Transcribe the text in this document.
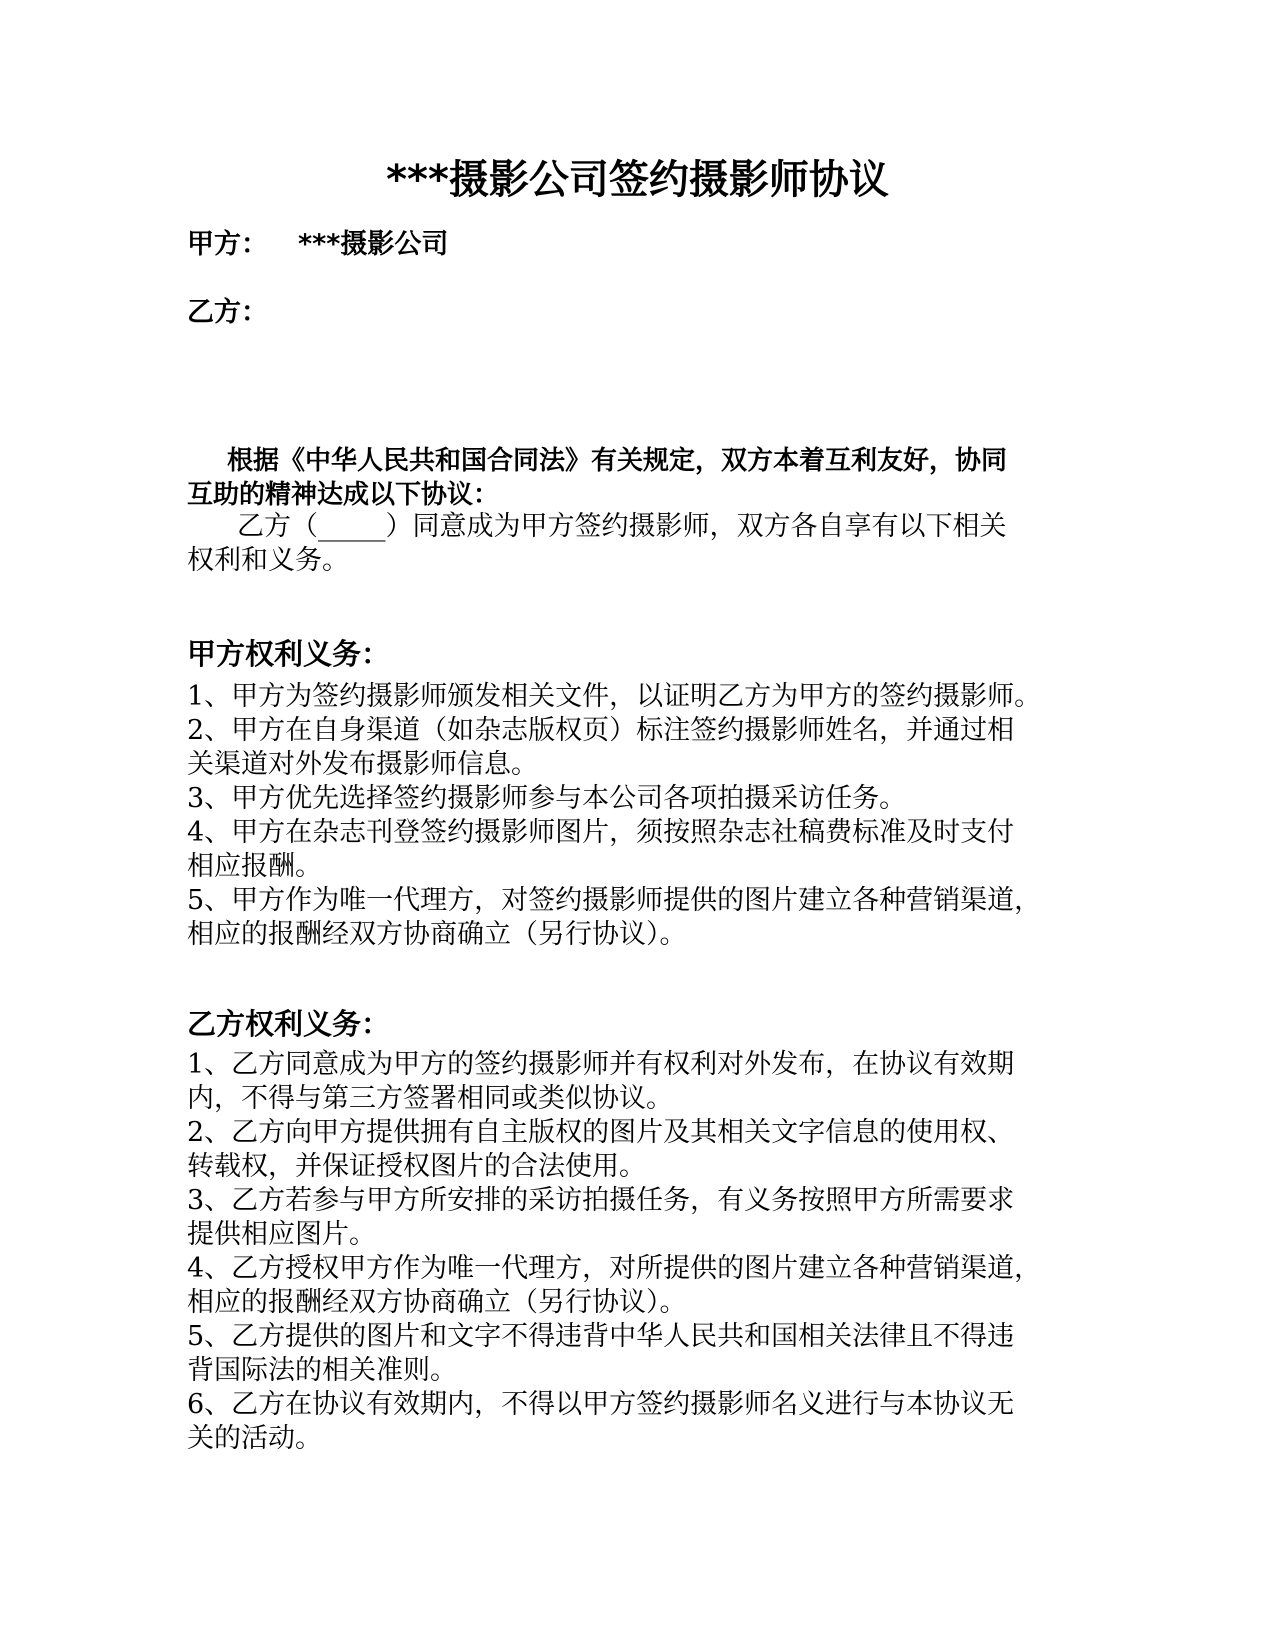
***摄影公司签约摄影师协议
甲方： ***摄影公司
乙方：
根据《中华人民共和国合同法》有关规定，双方本着互利友好，协同
互助的精神达成以下协议：

乙方（_____）同意成为甲方签约摄影师，双方各自享有以下相关

权利和义务。

甲方权利义务：

1、甲方为签约摄影师颁发相关文件，以证明乙方为甲方的签约摄影师。

2、甲方在自身渠道（如杂志版权页）标注签约摄影师姓名，并通过相

关渠道对外发布摄影师信息。

3、甲方优先选择签约摄影师参与本公司各项拍摄采访任务。

4、甲方在杂志刊登签约摄影师图片，须按照杂志社稿费标准及时支付

相应报酬。

5、甲方作为唯一代理方，对签约摄影师提供的图片建立各种营销渠道，

相应的报酬经双方协商确立（另行协议）。

乙方权利义务：

1、乙方同意成为甲方的签约摄影师并有权利对外发布，在协议有效期

内，不得与第三方签署相同或类似协议。

2、乙方向甲方提供拥有自主版权的图片及其相关文字信息的使用权、

转载权，并保证授权图片的合法使用。

3、乙方若参与甲方所安排的采访拍摄任务，有义务按照甲方所需要求

提供相应图片。

4、乙方授权甲方作为唯一代理方，对所提供的图片建立各种营销渠道，

相应的报酬经双方协商确立（另行协议）。

5、乙方提供的图片和文字不得违背中华人民共和国相关法律且不得违

背国际法的相关准则。

6、乙方在协议有效期内，不得以甲方签约摄影师名义进行与本协议无

关的活动。
